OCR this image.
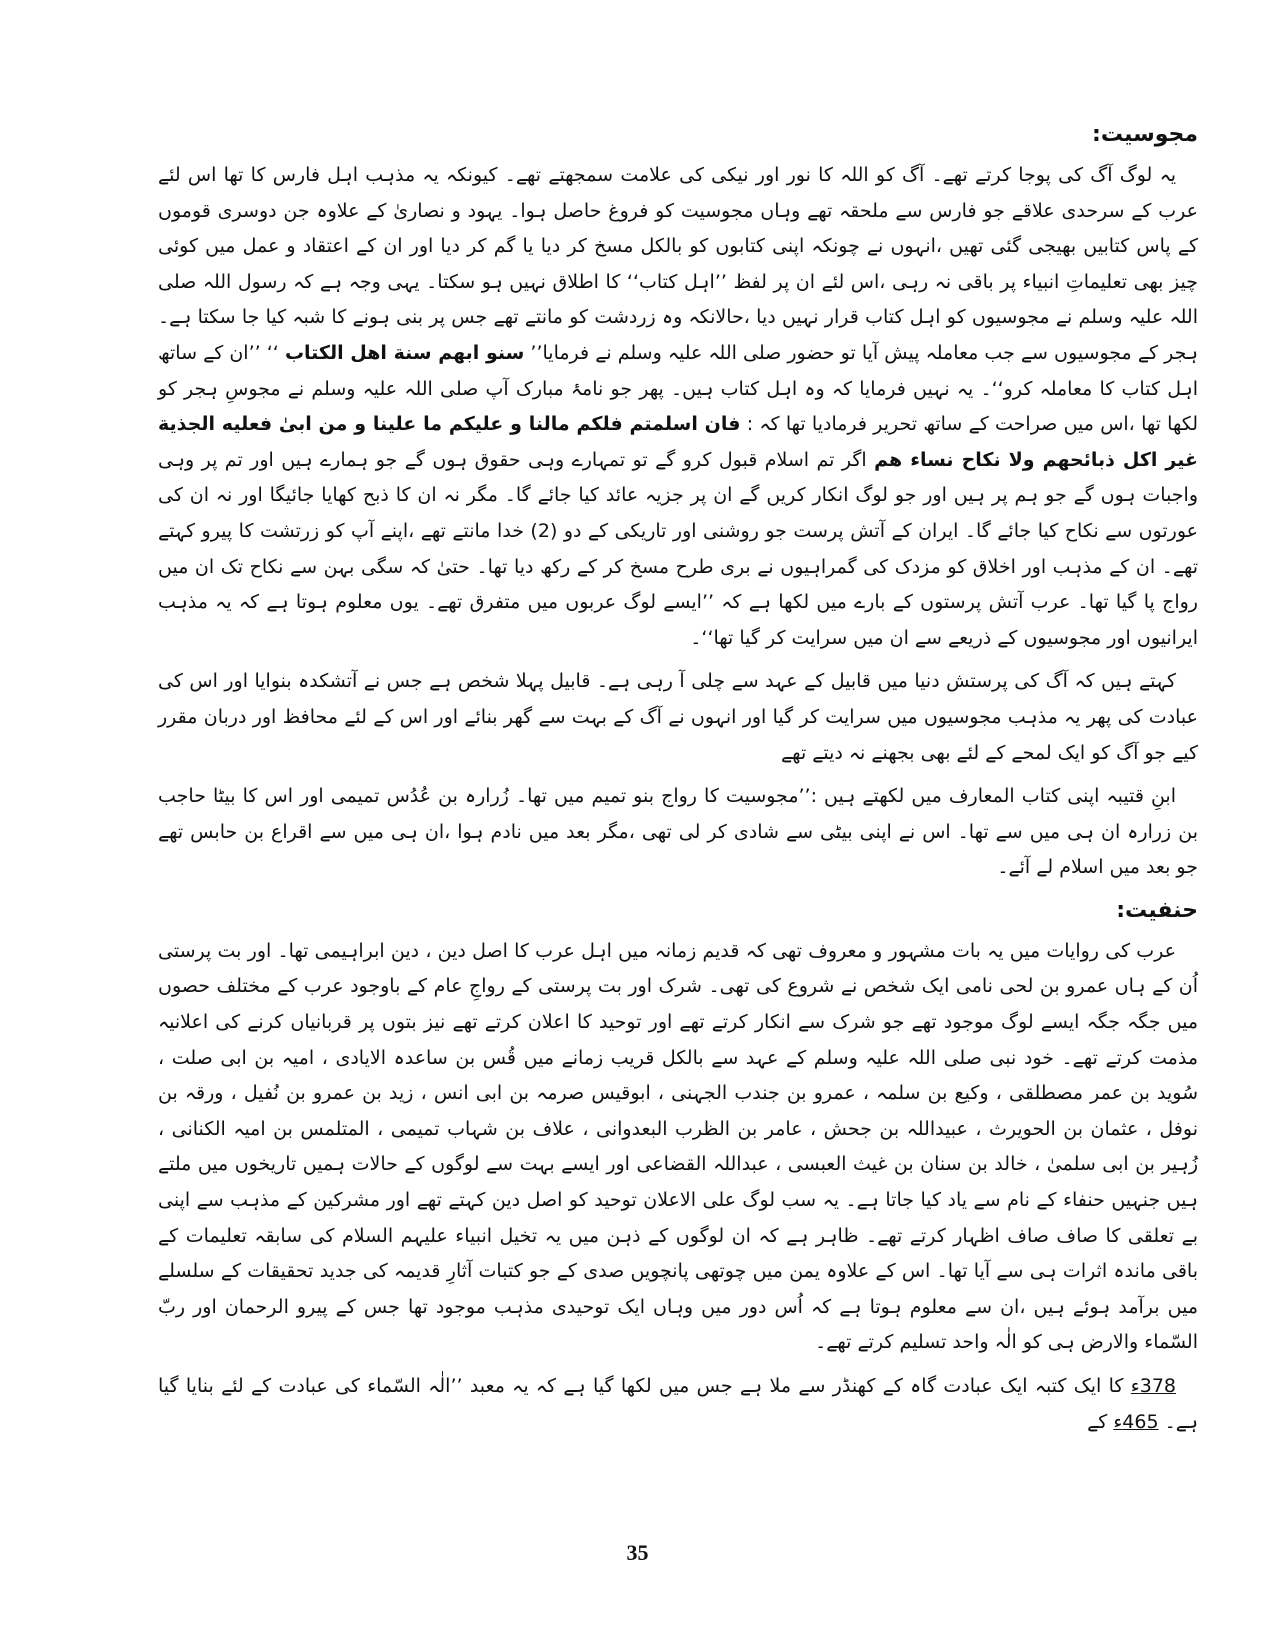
مجوسیت:

یہ لوگ آگ کی پوجا کرتے تھے۔ آگ کو اللہ کا نور اور نیکی کی علامت سمجھتے تھے۔ کیونکہ یہ مذہب اہل فارس کا تھا اس لئے عرب کے سرحدی علاقے جو فارس سے ملحقہ تھے وہاں مجوسیت کو فروغ حاصل ہوا۔ یہود و نصاریٰ کے علاوہ جن دوسری قوموں کے پاس کتابیں بھیجی گئی تھیں ،انہوں نے چونکہ اپنی کتابوں کو بالکل مسخ کر دیا یا گم کر دیا اور ان کے اعتقاد و عمل میں کوئی چیز بھی تعلیماتِ انبیاء پر باقی نہ رہی ،اس لئے ان پر لفظ ’’اہل کتاب‘‘ کا اطلاق نہیں ہو سکتا۔ یہی وجہ ہے کہ رسول اللہ صلی اللہ علیہ وسلم نے مجوسیوں کو اہل کتاب قرار نہیں دیا ،حالانکہ وہ زردشت کو مانتے تھے جس پر بنی ہونے کا شبہ کیا جا سکتا ہے۔ ہجر کے مجوسیوں سے جب معاملہ پیش آیا تو حضور صلی اللہ علیہ وسلم نے فرمایا’’ سنو ابھم سنة اھل الکتاب ‘‘ ’’ان کے ساتھ اہل کتاب کا معاملہ کرو‘‘۔ یہ نہیں فرمایا کہ وہ اہل کتاب ہیں۔ پھر جو نامۂ مبارک آپ صلی اللہ علیہ وسلم نے مجوسِ ہجر کو لکھا تھا ،اس میں صراحت کے ساتھ تحریر فرمادیا تھا کہ : فان اسلمتم فلکم مالنا و علیکم ما علینا و من ابیٰ فعلیه الجذیة غیر اکل ذبائحھم ولا نکاح نساء ھم اگر تم اسلام قبول کرو گے تو تمہارے وہی حقوق ہوں گے جو ہمارے ہیں اور تم پر وہی واجبات ہوں گے جو ہم پر ہیں اور جو لوگ انکار کریں گے ان پر جزیہ عائد کیا جائے گا۔ مگر نہ ان کا ذبح کھایا جائیگا اور نہ ان کی عورتوں سے نکاح کیا جائے گا۔ ایران کے آتش پرست جو روشنی اور تاریکی کے دو (2) خدا مانتے تھے ،اپنے آپ کو زرتشت کا پیرو کہتے تھے۔ ان کے مذہب اور اخلاق کو مزدک کی گمراہیوں نے بری طرح مسخ کر کے رکھ دیا تھا۔ حتیٰ کہ سگی بہن سے نکاح تک ان میں رواج پا گیا تھا۔ عرب آتش پرستوں کے بارے میں لکھا ہے کہ ’’ایسے لوگ عربوں میں متفرق تھے۔ یوں معلوم ہوتا ہے کہ یہ مذہب ایرانیوں اور مجوسیوں کے ذریعے سے ان میں سرایت کر گیا تھا‘‘۔

کہتے ہیں کہ آگ کی پرستش دنیا میں قابیل کے عہد سے چلی آ رہی ہے۔ قابیل پہلا شخص ہے جس نے آتشکدہ بنوایا اور اس کی عبادت کی پھر یہ مذہب مجوسیوں میں سرایت کر گیا اور انہوں نے آگ کے بہت سے گھر بنائے اور اس کے لئے محافظ اور دربان مقرر کیے جو آگ کو ایک لمحے کے لئے بھی بجھنے نہ دیتے تھے

ابنِ قتیبہ اپنی کتاب المعارف میں لکھتے ہیں :’’مجوسیت کا رواج بنو تمیم میں تھا۔ زُرارہ بن عُدُس تمیمی اور اس کا بیٹا حاجب بن زرارہ ان ہی میں سے تھا۔ اس نے اپنی بیٹی سے شادی کر لی تھی ،مگر بعد میں نادم ہوا ،ان ہی میں سے اقراع بن حابس تھے جو بعد میں اسلام لے آئے۔

حنفیت:

عرب کی روایات میں یہ بات مشہور و معروف تھی کہ قدیم زمانہ میں اہل عرب کا اصل دین ، دین ابراہیمی تھا۔ اور بت پرستی اُن کے ہاں عمرو بن لحی نامی ایک شخص نے شروع کی تھی۔ شرک اور بت پرستی کے رواجِ عام کے باوجود عرب کے مختلف حصوں میں جگہ جگہ ایسے لوگ موجود تھے جو شرک سے انکار کرتے تھے اور توحید کا اعلان کرتے تھے نیز بتوں پر قربانیاں کرنے کی اعلانیہ مذمت کرتے تھے۔ خود نبی صلی اللہ علیہ وسلم کے عہد سے بالکل قریب زمانے میں قُس بن ساعدہ الایادی ، امیہ بن ابی صلت ، سُوید بن عمر مصطلقی ، وکیع بن سلمہ ، عمرو بن جندب الجہنی ، ابوقیس صرمہ بن ابی انس ، زید بن عمرو بن نُفیل ، ورقہ بن نوفل ، عثمان بن الحویرث ، عبیداللہ بن جحش ، عامر بن الظرب البعدوانی ، علاف بن شہاب تمیمی ، المتلمس بن امیہ الکنانی ، زُہیر بن ابی سلمیٰ ، خالد بن سنان بن غیث العبسی ، عبداللہ القضاعی اور ایسے بہت سے لوگوں کے حالات ہمیں تاریخوں میں ملتے ہیں جنہیں حنفاء کے نام سے یاد کیا جاتا ہے۔ یہ سب لوگ علی الاعلان توحید کو اصل دین کہتے تھے اور مشرکین کے مذہب سے اپنی بے تعلقی کا صاف صاف اظہار کرتے تھے۔ ظاہر ہے کہ ان لوگوں کے ذہن میں یہ تخیل انبیاء علیہم السلام کی سابقہ تعلیمات کے باقی ماندہ اثرات ہی سے آیا تھا۔ اس کے علاوہ یمن میں چوتھی پانچویں صدی کے جو کتبات آثارِ قدیمہ کی جدید تحقیقات کے سلسلے میں برآمد ہوئے ہیں ،ان سے معلوم ہوتا ہے کہ اُس دور میں وہاں ایک توحیدی مذہب موجود تھا جس کے پیرو الرحمان اور ربّ السّماء والارض ہی کو الٰہ واحد تسلیم کرتے تھے۔

378ء کا ایک کتبہ ایک عبادت گاہ کے کھنڈر سے ملا ہے جس میں لکھا گیا ہے کہ یہ معبد ’’الٰہ السّماء کی عبادت کے لئے بنایا گیا ہے۔ 465ء کے

35
